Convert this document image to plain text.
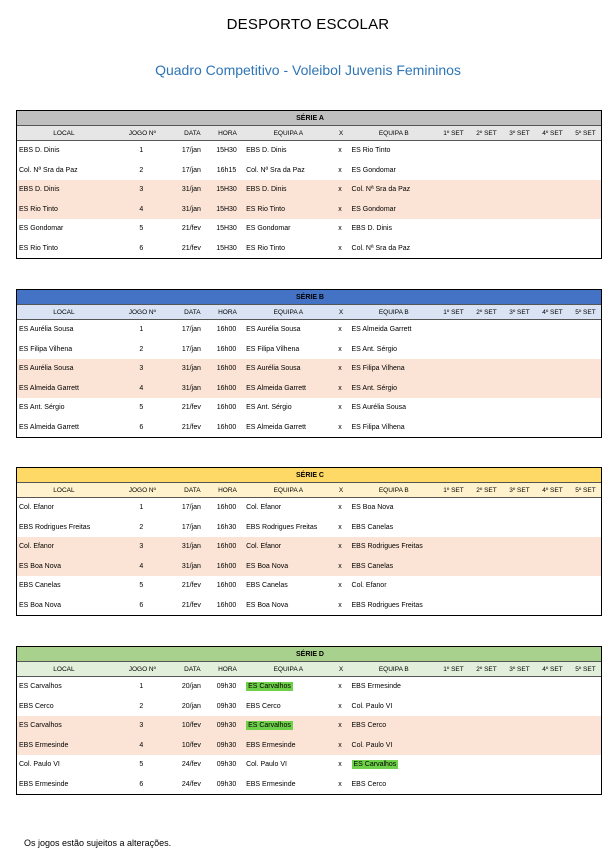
DESPORTO ESCOLAR
Quadro Competitivo - Voleibol Juvenis Femininos
SÉRIE A											
LOCAL	JOGO Nº	DATA	HORA	EQUIPA A	X	EQUIPA B	1º SET	2º SET	3º SET	4º SET	5º SET
EBS D. Dinis	1	17/jan	15H30	EBS D. Dinis	x	ES Rio Tinto					
Col. Nª Sra da Paz	2	17/jan	16h15	Col. Nª Sra da Paz	x	ES Gondomar					
EBS D. Dinis	3	31/jan	15H30	EBS D. Dinis	x	Col. Nª Sra da Paz					
ES Rio Tinto	4	31/jan	15H30	ES Rio Tinto	x	ES Gondomar					
ES Gondomar	5	21/fev	15H30	ES Gondomar	x	EBS D. Dinis					
ES Rio Tinto	6	21/fev	15H30	ES Rio Tinto	x	Col. Nª Sra da Paz					
SÉRIE B											
LOCAL	JOGO Nº	DATA	HORA	EQUIPA A	X	EQUIPA B	1º SET	2º SET	3º SET	4º SET	5º SET
ES Aurélia Sousa	1	17/jan	16h00	ES Aurélia Sousa	x	ES Almeida Garrett					
ES Filipa Vilhena	2	17/jan	16h00	ES Filipa Vilhena	x	ES Ant. Sérgio					
ES Aurélia Sousa	3	31/jan	16h00	ES Aurélia Sousa	x	ES Filipa Vilhena					
ES Almeida Garrett	4	31/jan	16h00	ES Almeida Garrett	x	ES Ant. Sérgio					
ES Ant. Sérgio	5	21/fev	16h00	ES Ant. Sérgio	x	ES Aurélia Sousa					
ES Almeida Garrett	6	21/fev	16h00	ES Almeida Garrett	x	ES Filipa Vilhena					
SÉRIE C											
LOCAL	JOGO Nº	DATA	HORA	EQUIPA A	X	EQUIPA B	1º SET	2º SET	3º SET	4º SET	5º SET
Col. Efanor	1	17/jan	16h00	Col. Efanor	x	ES Boa Nova					
EBS Rodrigues Freitas	2	17/jan	16h30	EBS Rodrigues Freitas	x	EBS Canelas					
Col. Efanor	3	31/jan	16h00	Col. Efanor	x	EBS Rodrigues Freitas					
ES Boa Nova	4	31/jan	16h00	ES Boa Nova	x	EBS Canelas					
EBS Canelas	5	21/fev	16h00	EBS Canelas	x	Col. Efanor					
ES Boa Nova	6	21/fev	16h00	ES Boa Nova	x	EBS Rodrigues Freitas					
SÉRIE D											
LOCAL	JOGO Nº	DATA	HORA	EQUIPA A	X	EQUIPA B	1º SET	2º SET	3º SET	4º SET	5º SET
ES Carvalhos	1	20/jan	09h30	ES Carvalhos	x	EBS Ermesinde					
EBS Cerco	2	20/jan	09h30	EBS Cerco	x	Col. Paulo VI					
ES Carvalhos	3	10/fev	09h30	ES Carvalhos	x	EBS Cerco					
EBS Ermesinde	4	10/fev	09h30	EBS Ermesinde	x	Col. Paulo VI					
Col. Paulo VI	5	24/fev	09h30	Col. Paulo VI	x	ES Carvalhos					
EBS Ermesinde	6	24/fev	09h30	EBS Ermesinde	x	EBS Cerco					
Os jogos estão sujeitos a alterações.
